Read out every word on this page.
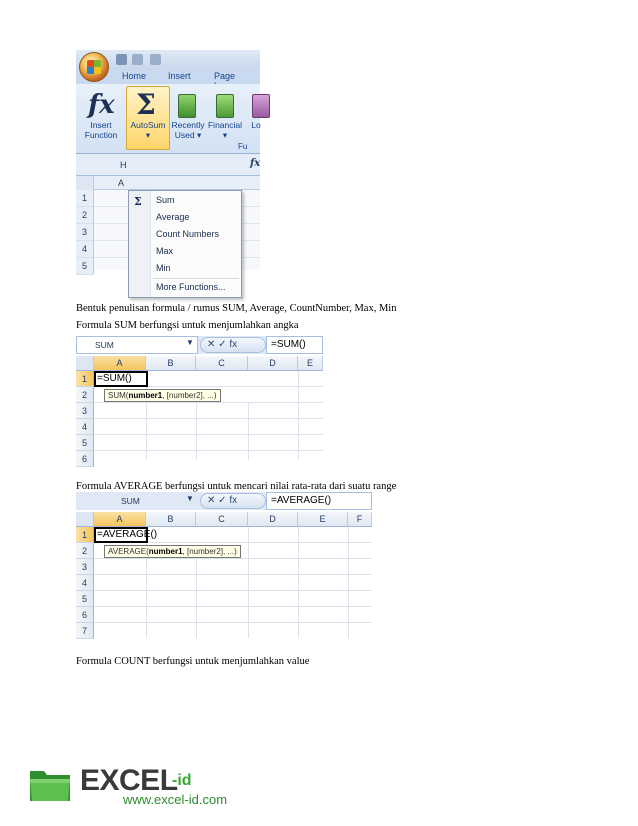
Home Insert	Page
fx
Insert
Function
Σ
AutoSum
▾
Recently
Used ▾
Financial
▾
Lo
H
Fu
fx
A
1
2
3
4
5
Σ Sum
Average
Count Numbers
Max
Min
More Functions...
Bentuk penulisan formula / rumus SUM, Average, CountNumber, Max, Min
Formula SUM berfungsi untuk menjumlahkan angka
SUM	▼	✕ ✓ fx	=SUM()
A	B	C	D	E
1
2
3
4
5
6
=SUM()
SUM(number1, [number2], ...)
Formula AVERAGE berfungsi untuk mencari nilai rata-rata dari suatu range
SUM	▼	✕ ✓ fx	=AVERAGE()
A	B	C	D	E	F
1
2
3
4
5
6
7
=AVERAGE()
AVERAGE(number1, [number2], ...)
Formula COUNT berfungsi untuk menjumlahkan value
EXCEL
-id
www.excel-id.com
